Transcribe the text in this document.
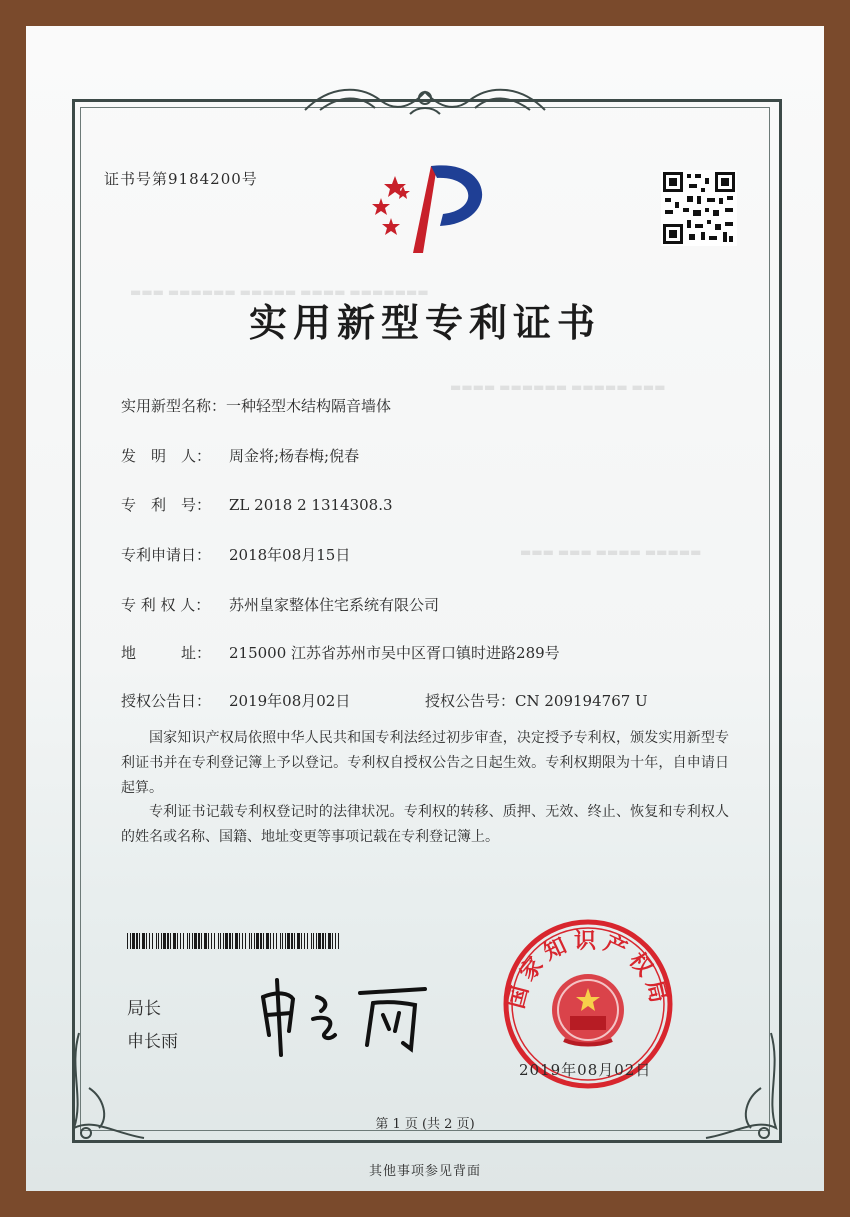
▬▬▬ ▬▬▬▬▬▬ ▬▬▬▬▬ ▬▬▬▬ ▬▬▬▬▬▬▬
▬▬▬▬ ▬▬▬▬▬▬ ▬▬▬▬▬ ▬▬▬
▬▬▬ ▬▬▬ ▬▬▬▬ ▬▬▬▬▬
证书号第9184200号
实用新型专利证书
实用新型名称：一种轻型木结构隔音墙体
发　明　人： 周金将;杨春梅;倪春
专　利　号： ZL 2018 2 1314308.3
专利申请日： 2018年08月15日
专 利 权 人： 苏州皇家整体住宅系统有限公司
地　　　址： 215000 江苏省苏州市吴中区胥口镇时进路289号
授权公告日： 2019年08月02日	授权公告号：CN 209194767 U
国家知识产权局依照中华人民共和国专利法经过初步审查，决定授予专利权，颁发实用新型专利证书并在专利登记簿上予以登记。专利权自授权公告之日起生效。专利权期限为十年，自申请日起算。
专利证书记载专利权登记时的法律状况。专利权的转移、质押、无效、终止、恢复和专利权人的姓名或名称、国籍、地址变更等事项记载在专利登记簿上。
局长
申长雨
国家知识产权局
2019年08月02日
第 1 页 (共 2 页)
其他事项参见背面
